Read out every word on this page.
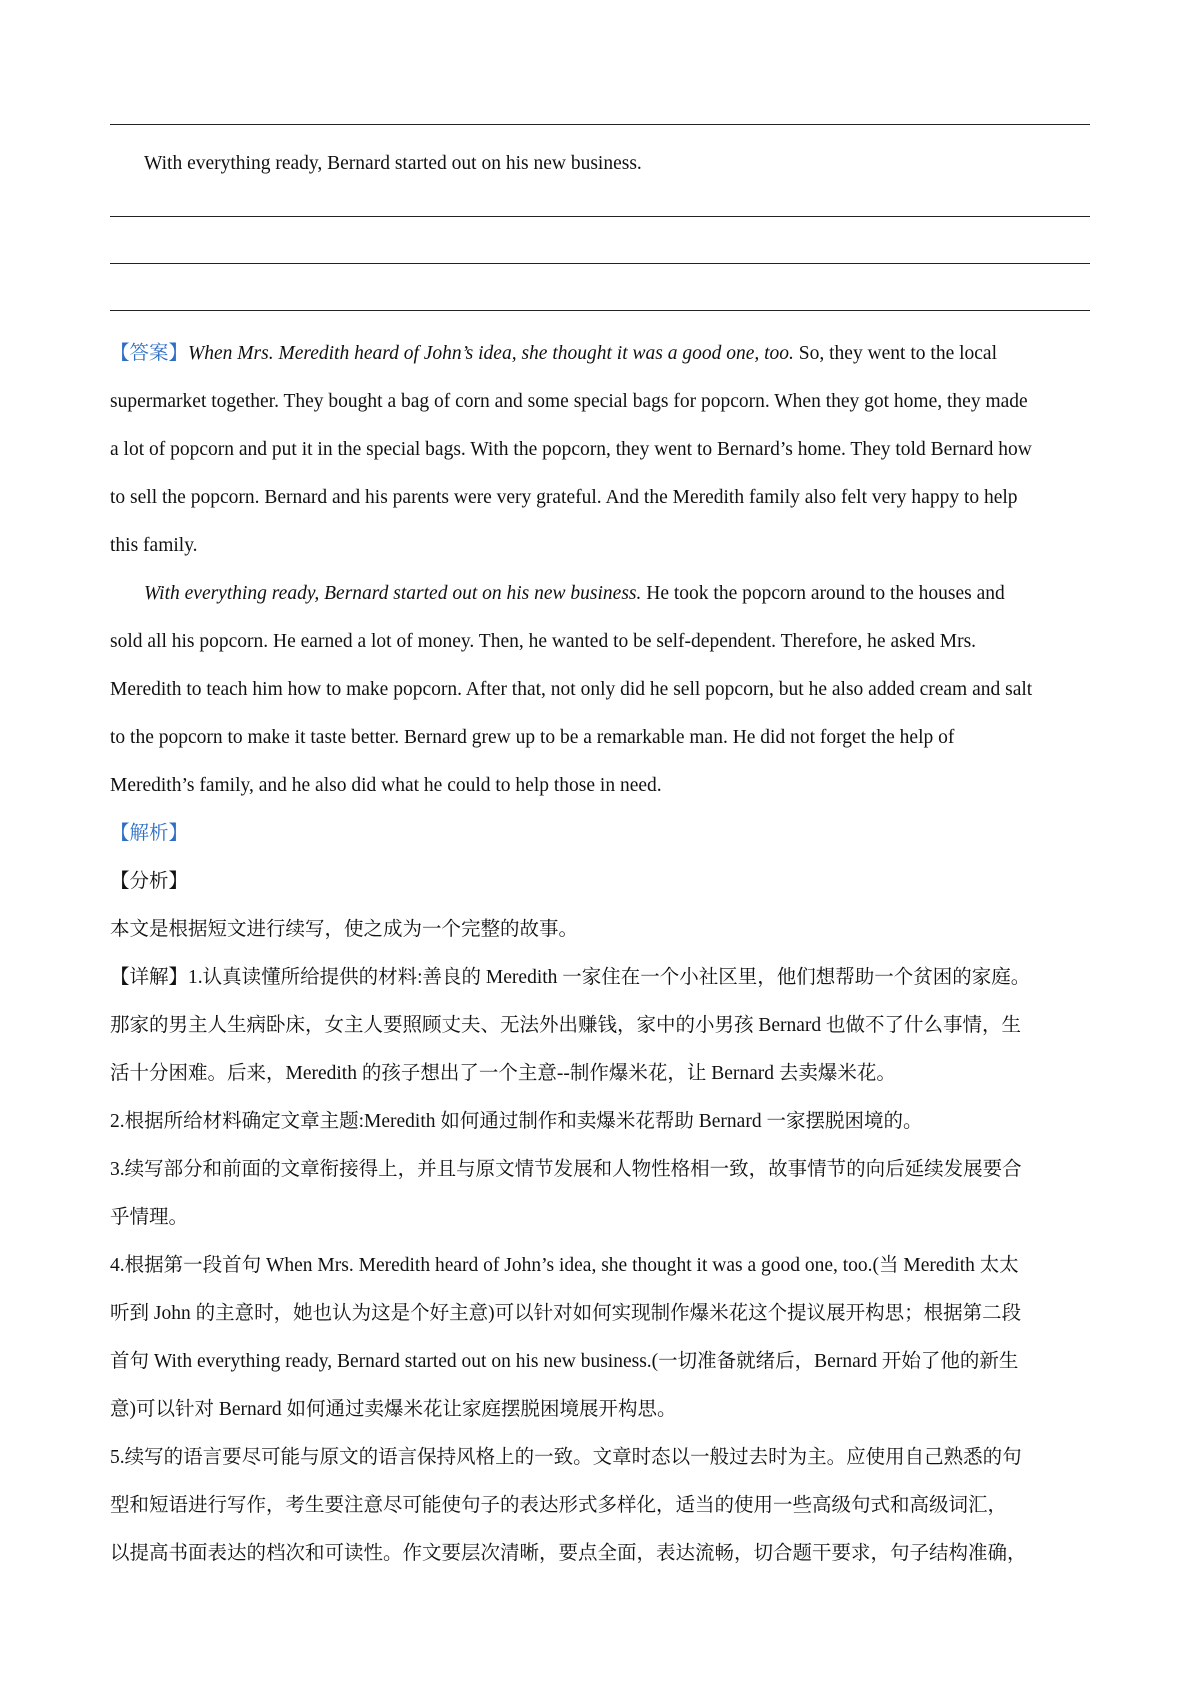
With everything ready, Bernard started out on his new business.
【答案】When Mrs. Meredith heard of John’s idea, she thought it was a good one, too. So, they went to the local
supermarket together. They bought a bag of corn and some special bags for popcorn. When they got home, they made
a lot of popcorn and put it in the special bags. With the popcorn, they went to Bernard’s home. They told Bernard how
to sell the popcorn. Bernard and his parents were very grateful. And the Meredith family also felt very happy to help
this family.
With everything ready, Bernard started out on his new business. He took the popcorn around to the houses and
sold all his popcorn. He earned a lot of money. Then, he wanted to be self-dependent. Therefore, he asked Mrs.
Meredith to teach him how to make popcorn. After that, not only did he sell popcorn, but he also added cream and salt
to the popcorn to make it taste better. Bernard grew up to be a remarkable man. He did not forget the help of
Meredith’s family, and he also did what he could to help those in need.
【解析】
【分析】
本文是根据短文进行续写，使之成为一个完整的故事。
【详解】1.认真读懂所给提供的材料:善良的 Meredith 一家住在一个小社区里，他们想帮助一个贫困的家庭。
那家的男主人生病卧床，女主人要照顾丈夫、无法外出赚钱，家中的小男孩 Bernard 也做不了什么事情，生
活十分困难。后来，Meredith 的孩子想出了一个主意--制作爆米花，让 Bernard 去卖爆米花。
2.根据所给材料确定文章主题:Meredith 如何通过制作和卖爆米花帮助 Bernard 一家摆脱困境的。
3.续写部分和前面的文章衔接得上，并且与原文情节发展和人物性格相一致，故事情节的向后延续发展要合
乎情理。
4.根据第一段首句 When Mrs. Meredith heard of John’s idea, she thought it was a good one, too.(当 Meredith 太太
听到 John 的主意时，她也认为这是个好主意)可以针对如何实现制作爆米花这个提议展开构思；根据第二段
首句 With everything ready, Bernard started out on his new business.(一切准备就绪后，Bernard 开始了他的新生
意)可以针对 Bernard 如何通过卖爆米花让家庭摆脱困境展开构思。
5.续写的语言要尽可能与原文的语言保持风格上的一致。文章时态以一般过去时为主。应使用自己熟悉的句
型和短语进行写作，考生要注意尽可能使句子的表达形式多样化，适当的使用一些高级句式和高级词汇，
以提高书面表达的档次和可读性。作文要层次清晰，要点全面，表达流畅，切合题干要求，句子结构准确，
